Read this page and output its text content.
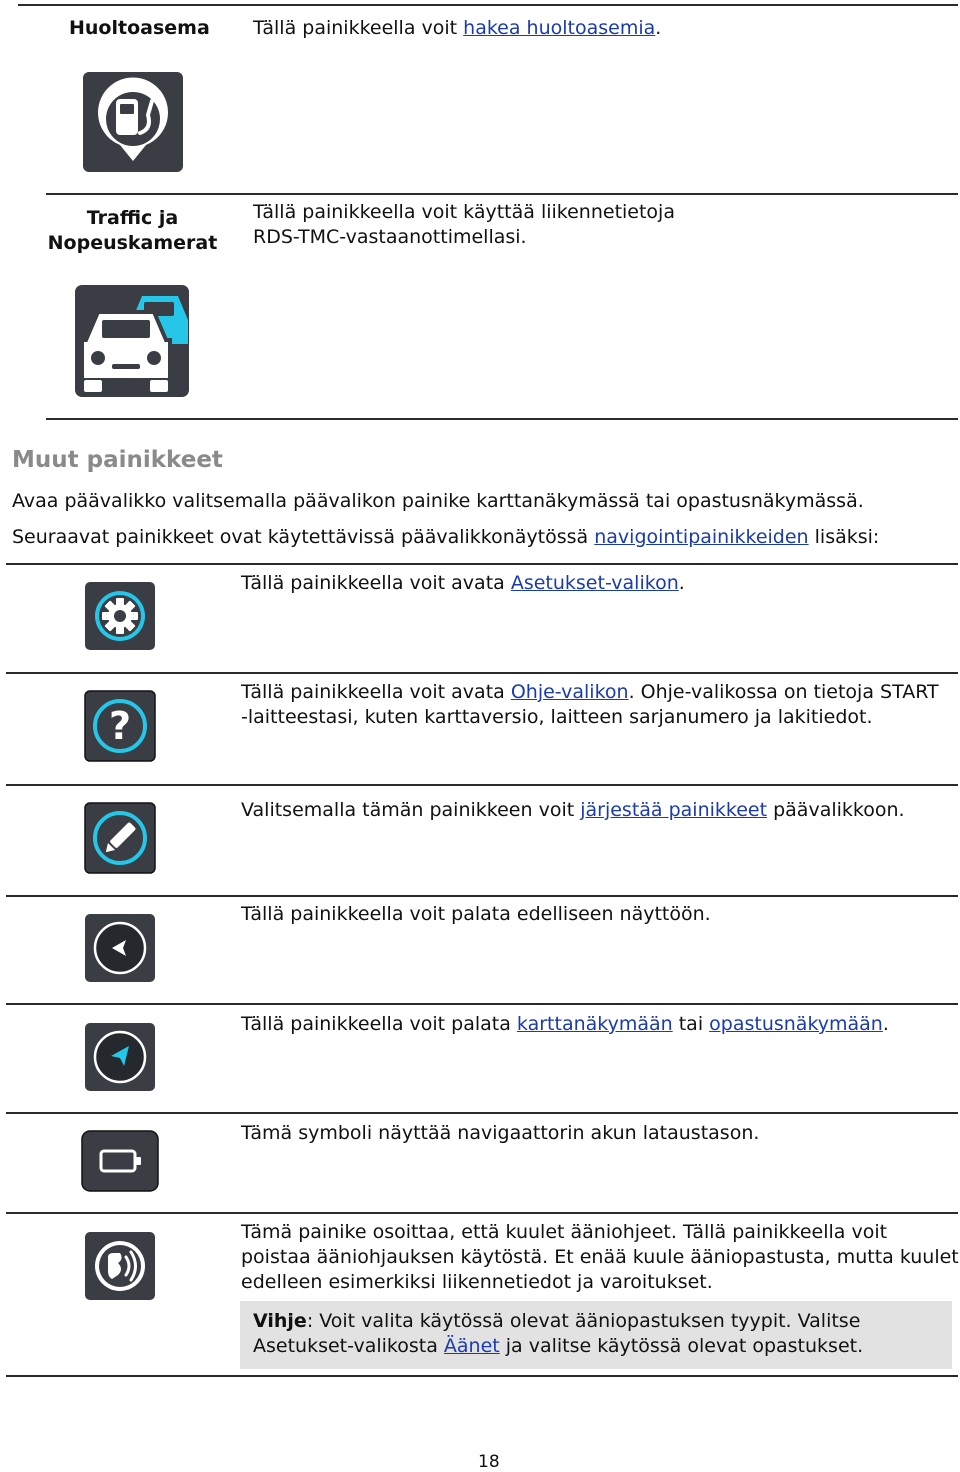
Huoltoasema Tällä painikkeella voit hakea huoltoasemia.
Traffic ja
Nopeuskamerat
Tällä painikkeella voit käyttää liikennetietoja
RDS-TMC-vastaanottimellasi.
Muut painikkeet
Avaa päävalikko valitsemalla päävalikon painike karttanäkymässä tai opastusnäkymässä.
Seuraavat painikkeet ovat käytettävissä päävalikkonäytössä navigointipainikkeiden lisäksi:
Tällä painikkeella voit avata Asetukset-valikon.
?
Tällä painikkeella voit avata Ohje-valikon. Ohje-valikossa on tietoja START
-laitteestasi, kuten karttaversio, laitteen sarjanumero ja lakitiedot.
Valitsemalla tämän painikkeen voit järjestää painikkeet päävalikkoon.
Tällä painikkeella voit palata edelliseen näyttöön.
Tällä painikkeella voit palata karttanäkymään tai opastusnäkymään.
Tämä symboli näyttää navigaattorin akun lataustason.
Tämä painike osoittaa, että kuulet ääniohjeet. Tällä painikkeella voit
poistaa ääniohjauksen käytöstä. Et enää kuule ääniopastusta, mutta kuulet
edelleen esimerkiksi liikennetiedot ja varoitukset.
Vihje: Voit valita käytössä olevat ääniopastuksen tyypit. Valitse
Asetukset-valikosta Äänet ja valitse käytössä olevat opastukset.
18
